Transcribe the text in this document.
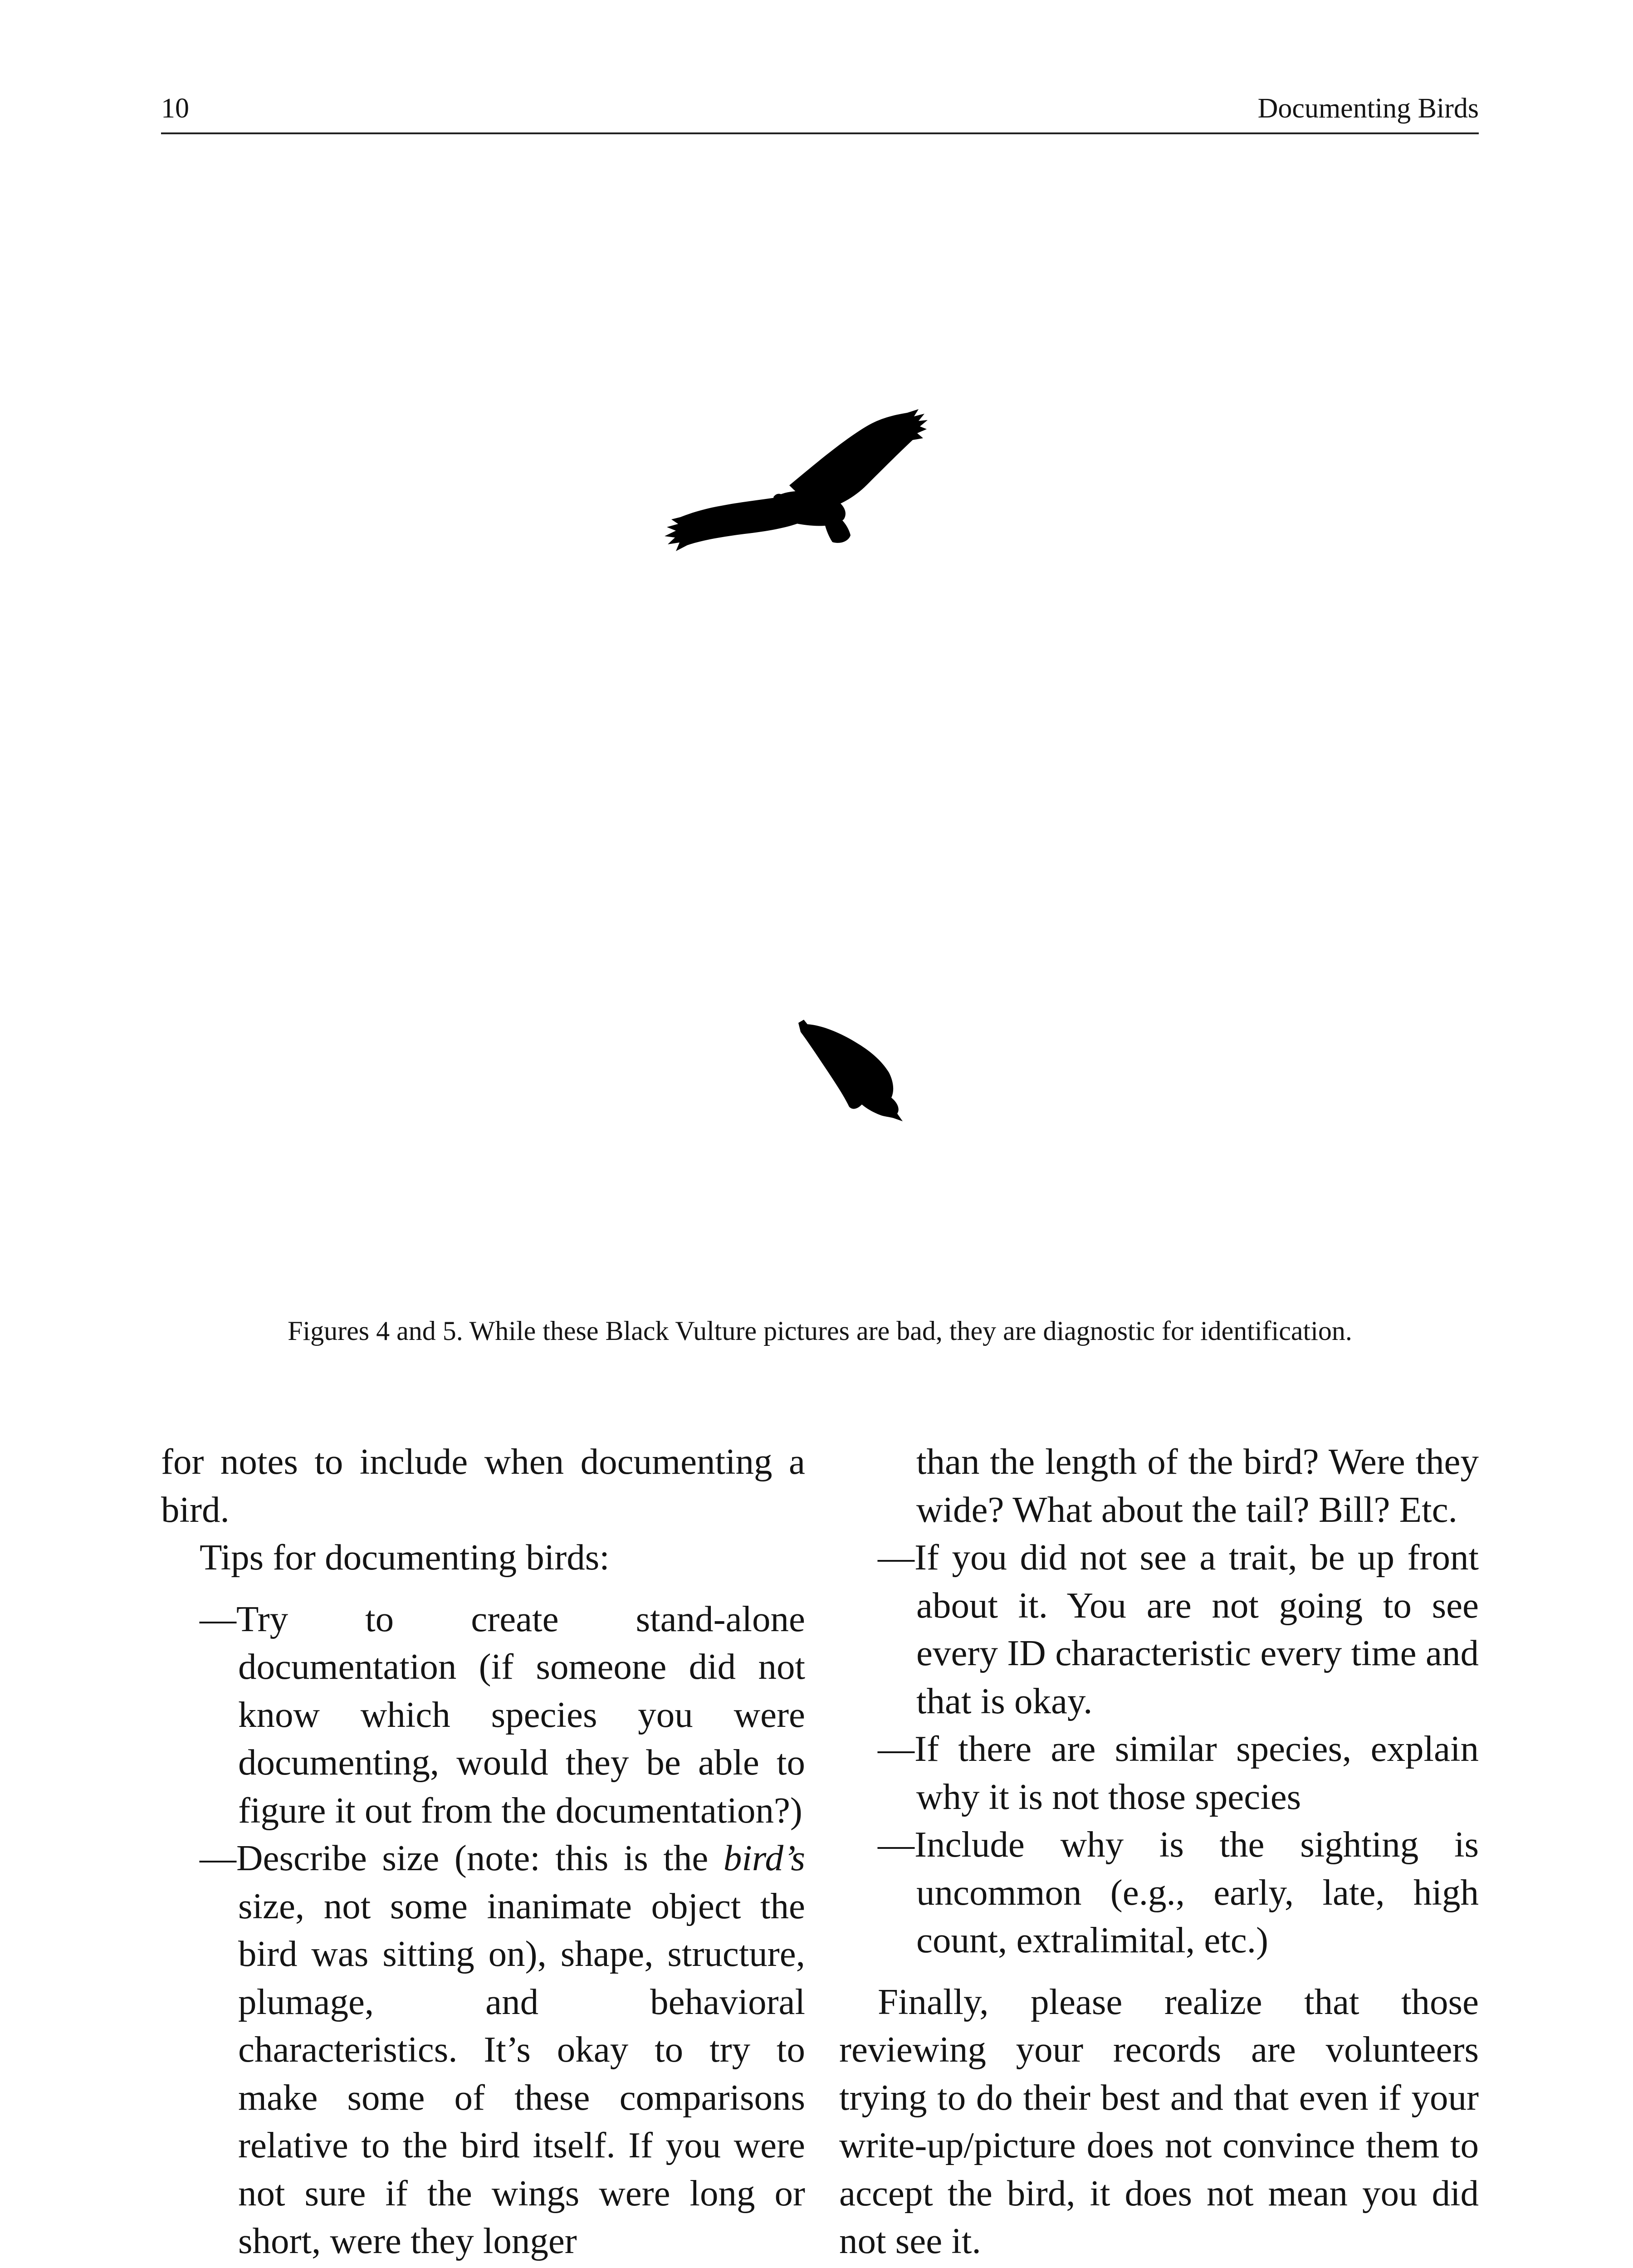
10	Documenting Birds
Figures 4 and 5. While these Black Vulture pictures are bad, they are diagnostic for identification.

for notes to include when documenting a bird.

Tips for documenting birds:

—Try to create stand-alone documentation (if someone did not know which species you were documenting, would they be able to figure it out from the documentation?)

—Describe size (note: this is the bird’s size, not some inanimate object the bird was sitting on), shape, structure, plumage, and behavioral characteristics. It’s okay to try to make some of these comparisons relative to the bird itself. If you were not sure if the wings were long or short, were they longer

than the length of the bird? Were they wide? What about the tail? Bill? Etc.

—If you did not see a trait, be up front about it. You are not going to see every ID characteristic every time and that is okay.

—If there are similar species, explain why it is not those species

—Include why is the sighting is uncommon (e.g., early, late, high count, extralimital, etc.)

Finally, please realize that those reviewing your records are volunteers trying to do their best and that even if your write-up/picture does not convince them to accept the bird, it does not mean you did not see it.
